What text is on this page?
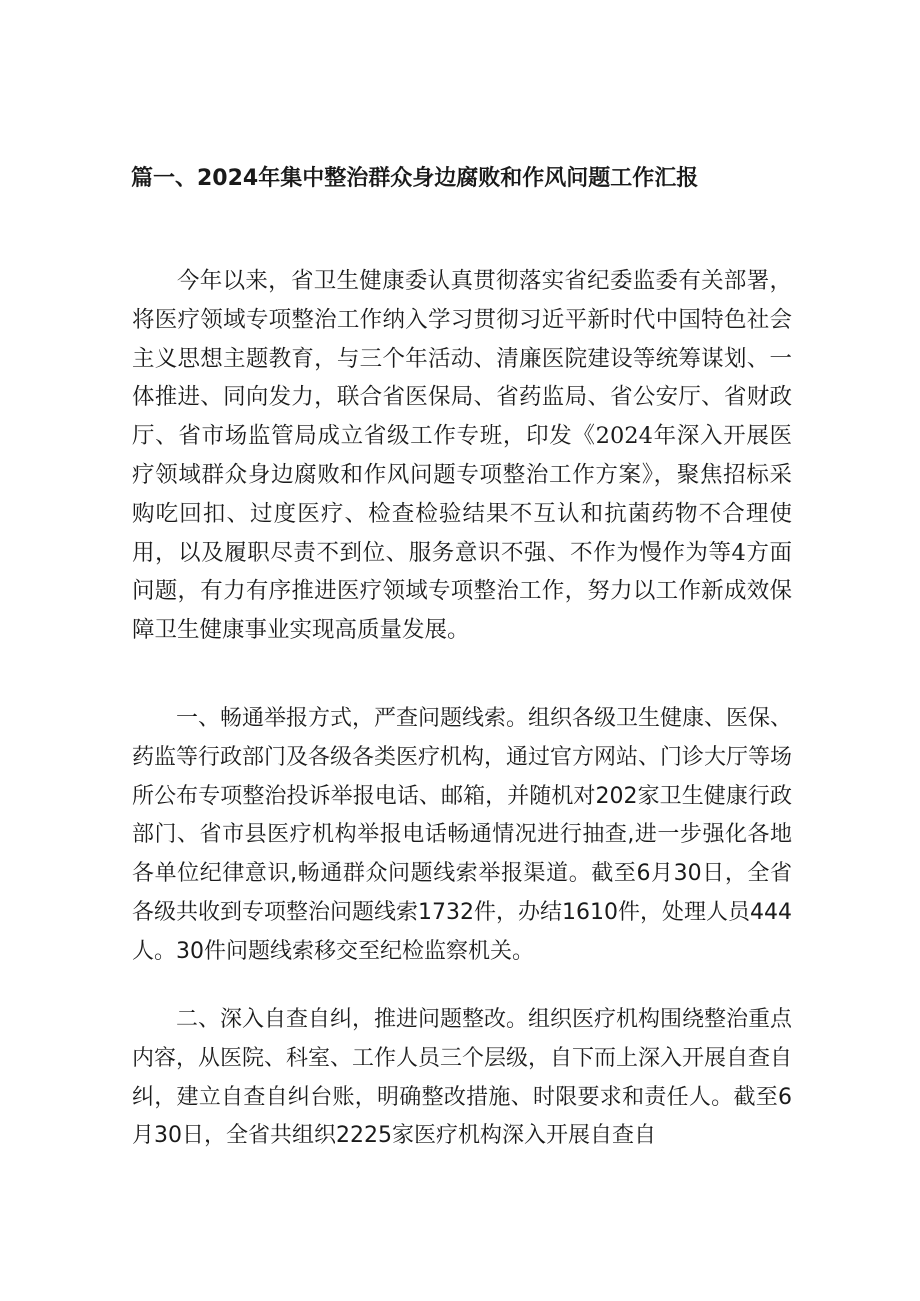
篇一、2024年集中整治群众身边腐败和作风问题工作汇报

今年以来，省卫生健康委认真贯彻落实省纪委监委有关部署，将医疗领域专项整治工作纳入学习贯彻习近平新时代中国特色社会主义思想主题教育，与三个年活动、清廉医院建设等统筹谋划、一体推进、同向发力，联合省医保局、省药监局、省公安厅、省财政厅、省市场监管局成立省级工作专班，印发《2024年深入开展医疗领域群众身边腐败和作风问题专项整治工作方案》，聚焦招标采购吃回扣、过度医疗、检查检验结果不互认和抗菌药物不合理使用，以及履职尽责不到位、服务意识不强、不作为慢作为等4方面问题，有力有序推进医疗领域专项整治工作，努力以工作新成效保障卫生健康事业实现高质量发展。

一、畅通举报方式，严查问题线索。组织各级卫生健康、医保、药监等行政部门及各级各类医疗机构，通过官方网站、门诊大厅等场所公布专项整治投诉举报电话、邮箱，并随机对202家卫生健康行政部门、省市县医疗机构举报电话畅通情况进行抽查,进一步强化各地各单位纪律意识,畅通群众问题线索举报渠道。截至6月30日，全省各级共收到专项整治问题线索1732件，办结1610件，处理人员444人。30件问题线索移交至纪检监察机关。

二、深入自查自纠，推进问题整改。组织医疗机构围绕整治重点内容，从医院、科室、工作人员三个层级，自下而上深入开展自查自纠，建立自查自纠台账，明确整改措施、时限要求和责任人。截至6月30日，全省共组织2225家医疗机构深入开展自查自
